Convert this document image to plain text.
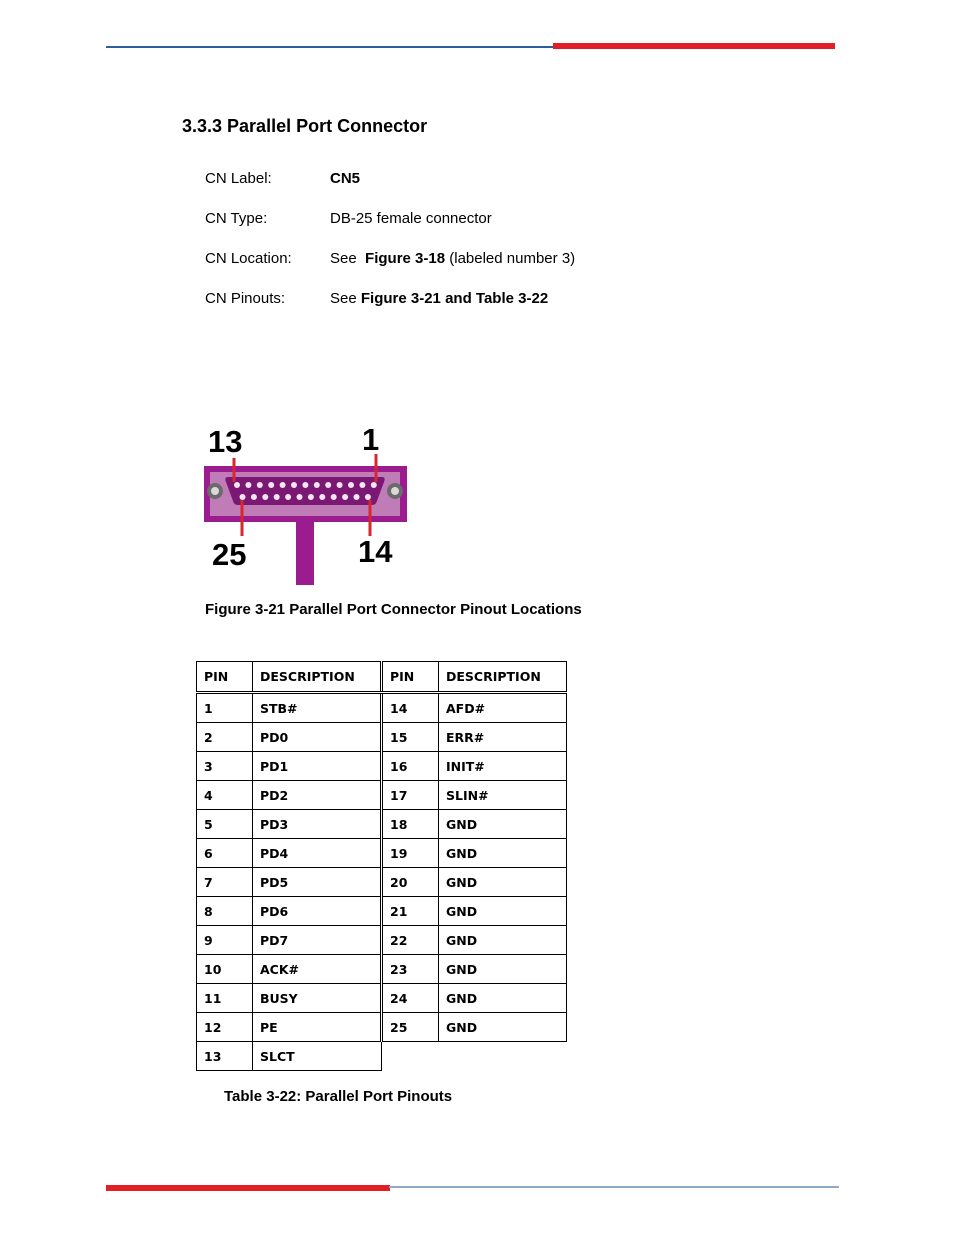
3.3.3 Parallel Port Connector
CN Label:	CN5
CN Type:	DB-25 female connector
CN Location:	See Figure 3-18 (labeled number 3)
CN Pinouts:	See Figure 3-21 and Table 3-22
13	1
25	14
Figure 3-21 Parallel Port Connector Pinout Locations
PIN	DESCRIPTION	PIN	DESCRIPTION
1	STB#	14	AFD#
2	PD0	15	ERR#
3	PD1	16	INIT#
4	PD2	17	SLIN#
5	PD3	18	GND
6	PD4	19	GND
7	PD5	20	GND
8	PD6	21	GND
9	PD7	22	GND
10	ACK#	23	GND
11	BUSY	24	GND
12	PE	25	GND
13	SLCT		
Table 3-22: Parallel Port Pinouts
